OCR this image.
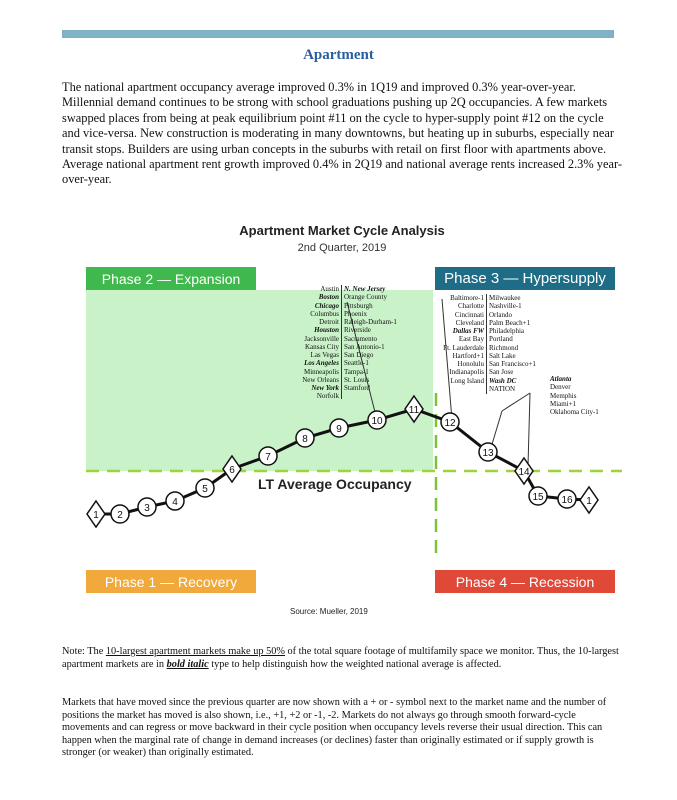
Apartment
The national apartment occupancy average improved 0.3% in 1Q19 and improved 0.3% year-over-year. Millennial demand continues to be strong with school graduations pushing up 2Q occupancies. A few markets swapped places from being at peak equilibrium point #11 on the cycle to hyper-supply point #12 on the cycle and vice-versa. New construction is moderating in many downtowns, but heating up in suburbs, especially near transit stops. Builders are using urban concepts in the suburbs with retail on first floor with apartments above. Average national apartment rent growth improved 0.4% in 2Q19 and national average rents increased 2.3% year-over-year.
1 2
3
4
5
6
7
8
9
10
11
12
13
14
15 16 1
Apartment Market Cycle Analysis
2nd Quarter, 2019
Phase 2 — Expansion	Phase 3 — Hypersupply
Phase 1 — Recovery	Phase 4 — Recession
LT Average Occupancy
Source: Mueller, 2019
Austin
Boston
Chicago
Columbus
Detroit
Houston
Jacksonville
Kansas City
Las Vegas
Los Angeles
Minneapolis
New Orleans
New York
Norfolk
N. New Jersey
Orange County
Pittsburgh
Phoenix
Raleigh-Durham-1
Riverside
Sacramento
San Antonio-1
San Diego
Seattle-1
Tampa-1
St. Louis
Stamford
Baltimore-1
Charlotte
Cincinnati
Cleveland
Dallas FW
East Bay
Ft. Lauderdale
Hartford+1
Honolulu
Indianapolis
Long Island
Milwaukee
Nashville-1
Orlando
Palm Beach+1
Philadelphia
Portland
Richmond
Salt Lake
San Francisco+1
San Jose
Wash DC
NATION
Atlanta
Denver
Memphis
Miami+1
Oklahoma City-1
Note: The 10-largest apartment markets make up 50% of the total square footage of multifamily space we monitor. Thus, the 10-largest apartment markets are in bold italic type to help distinguish how the weighted national average is affected.
Markets that have moved since the previous quarter are now shown with a + or - symbol next to the market name and the number of positions the market has moved is also shown, i.e., +1, +2 or -1, -2. Markets do not always go through smooth forward-cycle movements and can regress or move backward in their cycle position when occupancy levels reverse their usual direction. This can happen when the marginal rate of change in demand increases (or declines) faster than originally estimated or if supply growth is stronger (or weaker) than originally estimated.
